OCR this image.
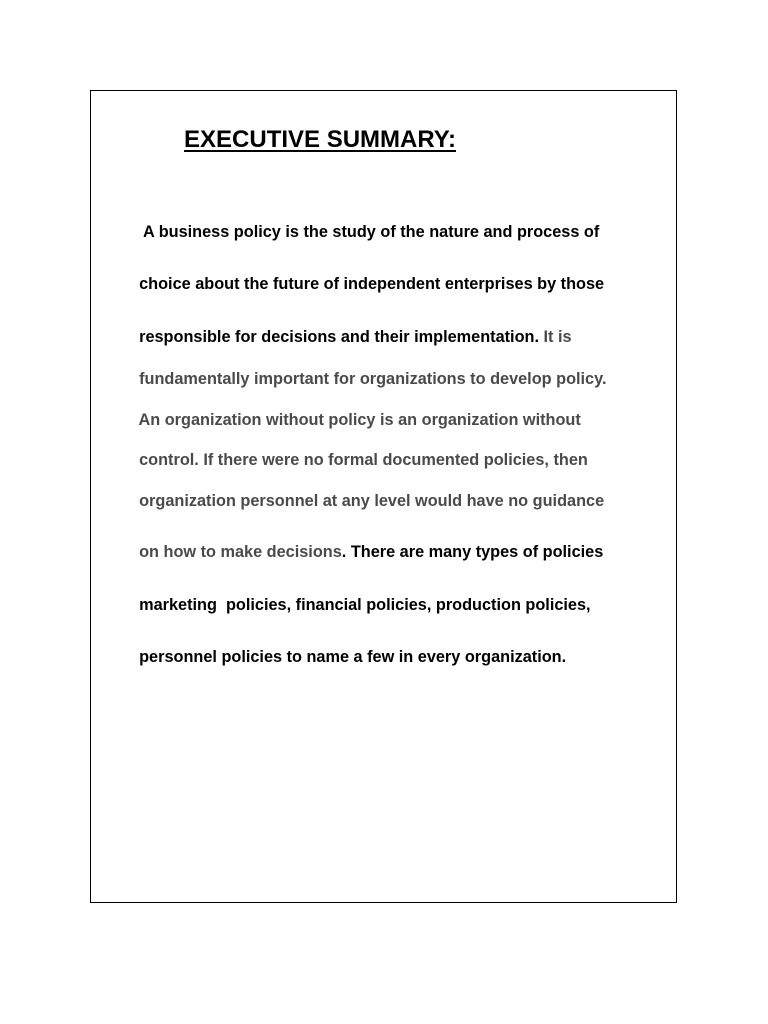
EXECUTIVE SUMMARY:

A business policy is the study of the nature and process of

choice about the future of independent enterprises by those

responsible for decisions and their implementation. It is

fundamentally important for organizations to develop policy.

An organization without policy is an organization without

control. If there were no formal documented policies, then

organization personnel at any level would have no guidance

on how to make decisions. There are many types of policies

marketing  policies, financial policies, production policies,

personnel policies to name a few in every organization.
